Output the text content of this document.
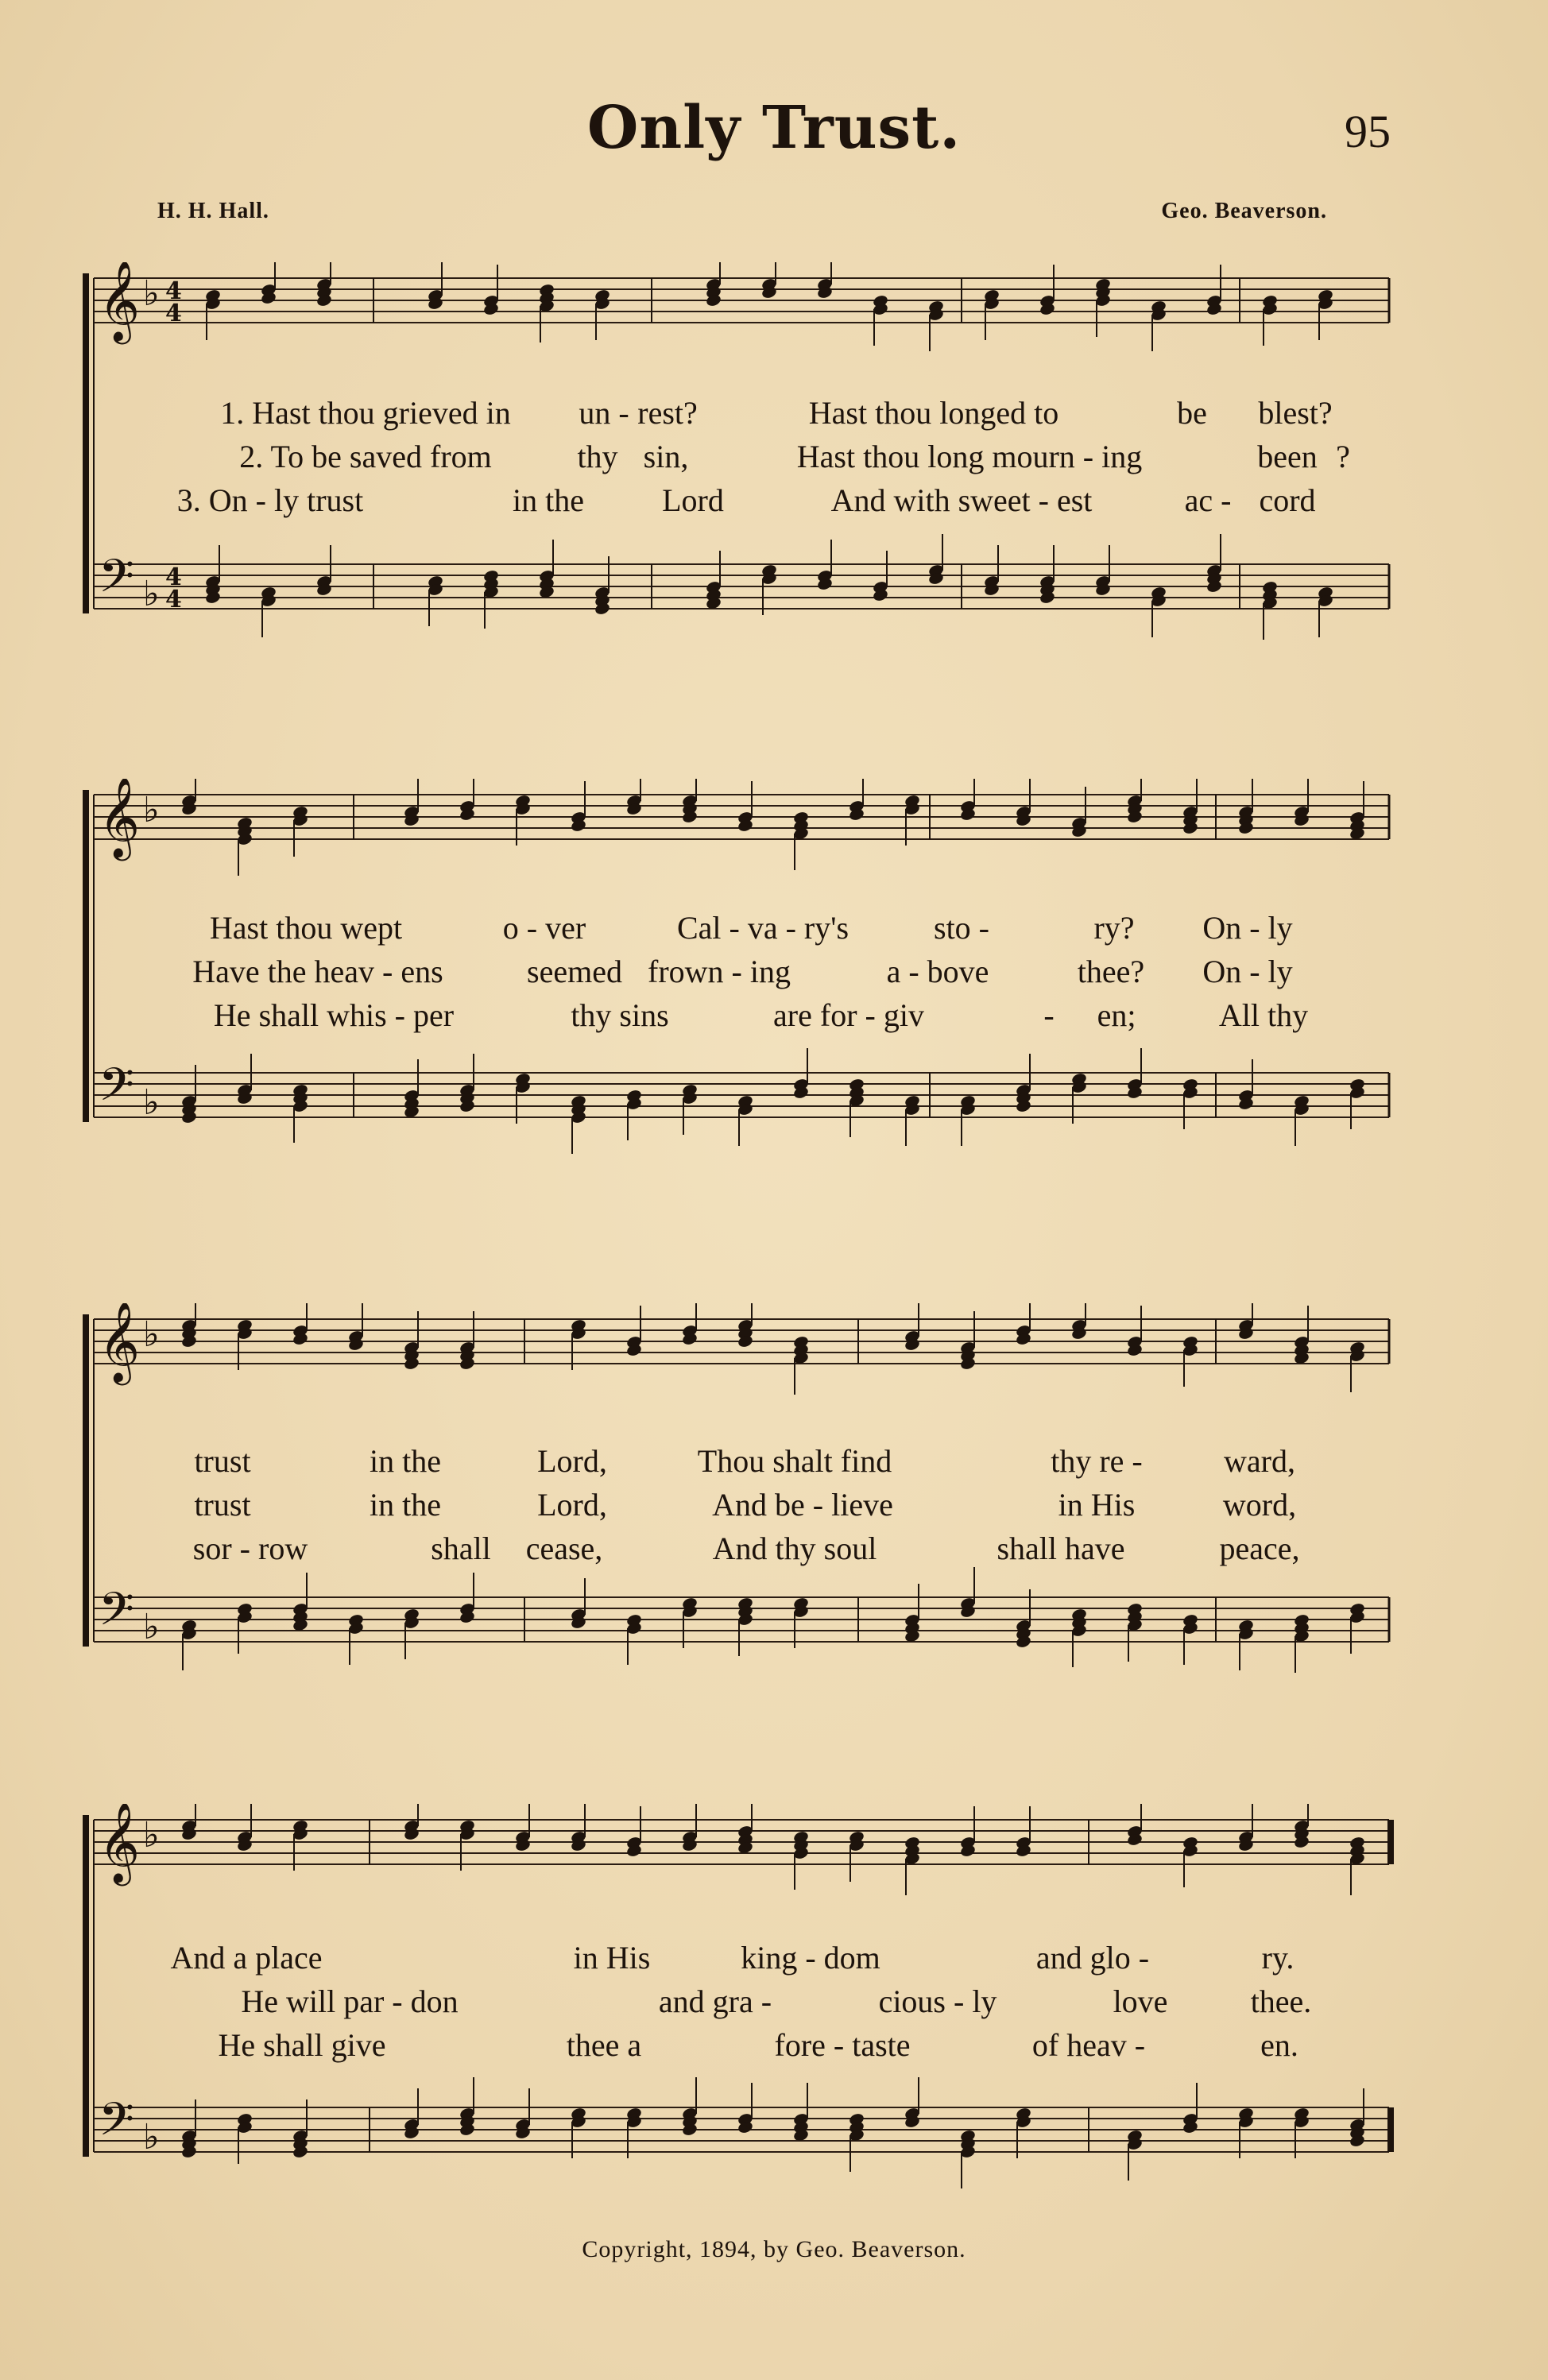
Only Trust.	95
H. H. Hall.	Geo. Beaverson.
𝄞 ♭ 4
4
𝄢 ♭ 4
4
1. Hast thou grieved in un - rest?	Hast thou longed to	be blest?
2. To be saved from	thy sin,	Hast thou long mourn - ing	been ?
3. On - ly trust	in the Lord	And with sweet - est	ac - cord
𝄞 ♭
𝄢 ♭
Hast thou wept	o - ver	Cal - va - ry's	sto -	ry? On - ly
Have the heav - ens	seemed frown - ing	a - bove	thee? On - ly
He shall whis - per	thy sins	are for - giv	- en;	All thy
𝄞 ♭
𝄢 ♭
trust	in the	Lord,	Thou shalt find	thy re -	ward,
trust	in the	Lord,	And be - lieve	in His	word,
sor - row	shall cease,	And thy soul	shall have	peace,
𝄞 ♭
𝄢 ♭
And a place	in His	king - dom	and glo -	ry.
He will par - don	and gra -	cious - ly	love	thee.
He shall give	thee a	fore - taste	of heav -	en.
Copyright, 1894, by Geo. Beaverson.
